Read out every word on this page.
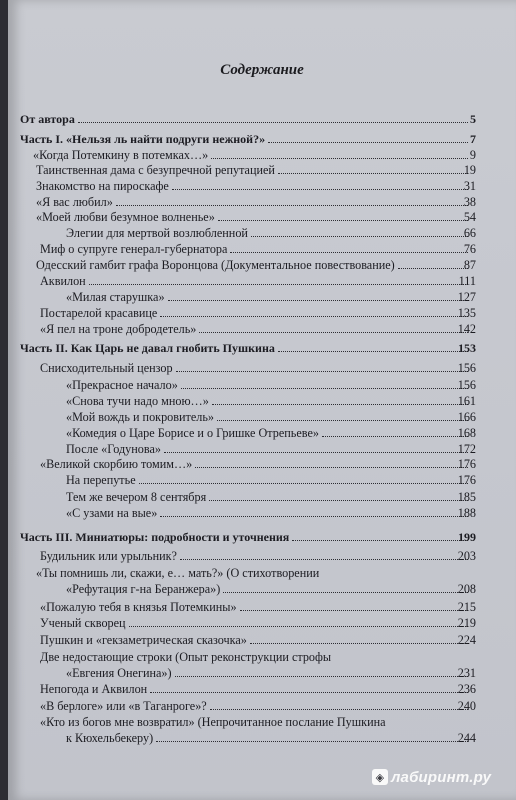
Содержание
От автора	5
Часть I. «Нельзя ль найти подруги нежной?»	7
«Когда Потемкину в потемках…»	9
Таинственная дама с безупречной репутацией	19
Знакомство на пироскафе	31
«Я вас любил»	38
«Моей любви безумное волненье»	54
Элегии для мертвой возлюбленной	66
Миф о супруге генерал-губернатора	76
Одесский гамбит графа Воронцова (Документальное повествование)	87
Аквилон	111
«Милая старушка»	127
Постарелой красавице	135
«Я пел на троне добродетель»	142
Часть II. Как Царь не давал гнобить Пушкина	153
Снисходительный цензор	156
«Прекрасное начало»	156
«Снова тучи надо мною…»	161
«Мой вождь и покровитель»	166
«Комедия о Царе Борисе и о Гришке Отрепьеве»	168
После «Годунова»	172
«Великой скорбию томим…»	176
На перепутье	176
Тем же вечером 8 сентября	185
«С узами на вые»	188
Часть III. Миниатюры: подробности и уточнения	199
Будильник или урыльник?	203
«Ты помнишь ли, скажи, е… мать?» (О стихотворении
«Рефутация г-на Беранжера»)	208
«Пожалую тебя в князья Потемкины»	215
Ученый скворец	219
Пушкин и «гекзаметрическая сказочка»	224
Две недостающие строки (Опыт реконструкции строфы
«Евгения Онегина»)	231
Непогода и Аквилон	236
«В берлоге» или «в Таганроге»?	240
«Кто из богов мне возвратил» (Непрочитанное послание Пушкина
к Кюхельбекеру)	244
◈ лабиринт.ру
